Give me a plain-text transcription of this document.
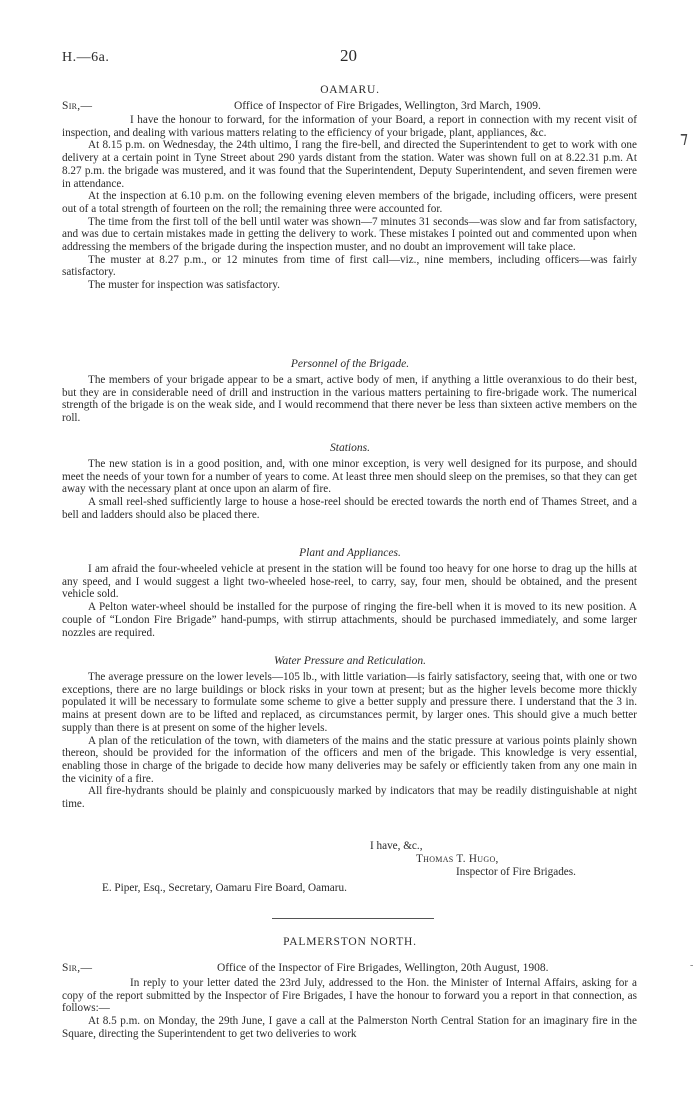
H.—6a.	20
⁊
OAMARU.
Sir,—	Office of Inspector of Fire Brigades, Wellington, 3rd March, 1909.

I have the honour to forward, for the information of your Board, a report in connection with my recent visit of inspection, and dealing with various matters relating to the efficiency of your brigade, plant, appliances, &c.

At 8.15 p.m. on Wednesday, the 24th ultimo, I rang the fire-bell, and directed the Superintendent to get to work with one delivery at a certain point in Tyne Street about 290 yards distant from the station. Water was shown full on at 8.22.31 p.m. At 8.27 p.m. the brigade was mustered, and it was found that the Superintendent, Deputy Superintendent, and seven firemen were in attendance.

At the inspection at 6.10 p.m. on the following evening eleven members of the brigade, including officers, were present out of a total strength of fourteen on the roll; the remaining three were accounted for.

The time from the first toll of the bell until water was shown—7 minutes 31 seconds—was slow and far from satisfactory, and was due to certain mistakes made in getting the delivery to work. These mistakes I pointed out and commented upon when addressing the members of the brigade during the inspection muster, and no doubt an improvement will take place.

The muster at 8.27 p.m., or 12 minutes from time of first call—viz., nine members, including officers—was fairly satisfactory.

The muster for inspection was satisfactory.

Personnel of the Brigade.

The members of your brigade appear to be a smart, active body of men, if anything a little overanxious to do their best, but they are in considerable need of drill and instruction in the various matters pertaining to fire-brigade work. The numerical strength of the brigade is on the weak side, and I would recommend that there never be less than sixteen active members on the roll.

Stations.

The new station is in a good position, and, with one minor exception, is very well designed for its purpose, and should meet the needs of your town for a number of years to come. At least three men should sleep on the premises, so that they can get away with the necessary plant at once upon an alarm of fire.

A small reel-shed sufficiently large to house a hose-reel should be erected towards the north end of Thames Street, and a bell and ladders should also be placed there.

Plant and Appliances.

I am afraid the four-wheeled vehicle at present in the station will be found too heavy for one horse to drag up the hills at any speed, and I would suggest a light two-wheeled hose-reel, to carry, say, four men, should be obtained, and the present vehicle sold.

A Pelton water-wheel should be installed for the purpose of ringing the fire-bell when it is moved to its new position. A couple of “London Fire Brigade” hand-pumps, with stirrup attachments, should be purchased immediately, and some larger nozzles are required.

Water Pressure and Reticulation.

The average pressure on the lower levels—105 lb., with little variation—is fairly satisfactory, seeing that, with one or two exceptions, there are no large buildings or block risks in your town at present; but as the higher levels become more thickly populated it will be necessary to formulate some scheme to give a better supply and pressure there. I understand that the 3 in. mains at present down are to be lifted and replaced, as circumstances permit, by larger ones. This should give a much better supply than there is at present on some of the higher levels.

A plan of the reticulation of the town, with diameters of the mains and the static pressure at various points plainly shown thereon, should be provided for the information of the officers and men of the brigade. This knowledge is very essential, enabling those in charge of the brigade to decide how many deliveries may be safely or efficiently taken from any one main in the vicinity of a fire.

All fire-hydrants should be plainly and conspicuously marked by indicators that may be readily distinguishable at night time.

I have, &c.,
Thomas T. Hugo,
Inspector of Fire Brigades.
E. Piper, Esq., Secretary, Oamaru Fire Board, Oamaru.
PALMERSTON NORTH.
-
Sir,—	Office of the Inspector of Fire Brigades, Wellington, 20th August, 1908.

In reply to your letter dated the 23rd July, addressed to the Hon. the Minister of Internal Affairs, asking for a copy of the report submitted by the Inspector of Fire Brigades, I have the honour to forward you a report in that connection, as follows:—

At 8.5 p.m. on Monday, the 29th June, I gave a call at the Palmerston North Central Station for an imaginary fire in the Square, directing the Superintendent to get two deliveries to work
